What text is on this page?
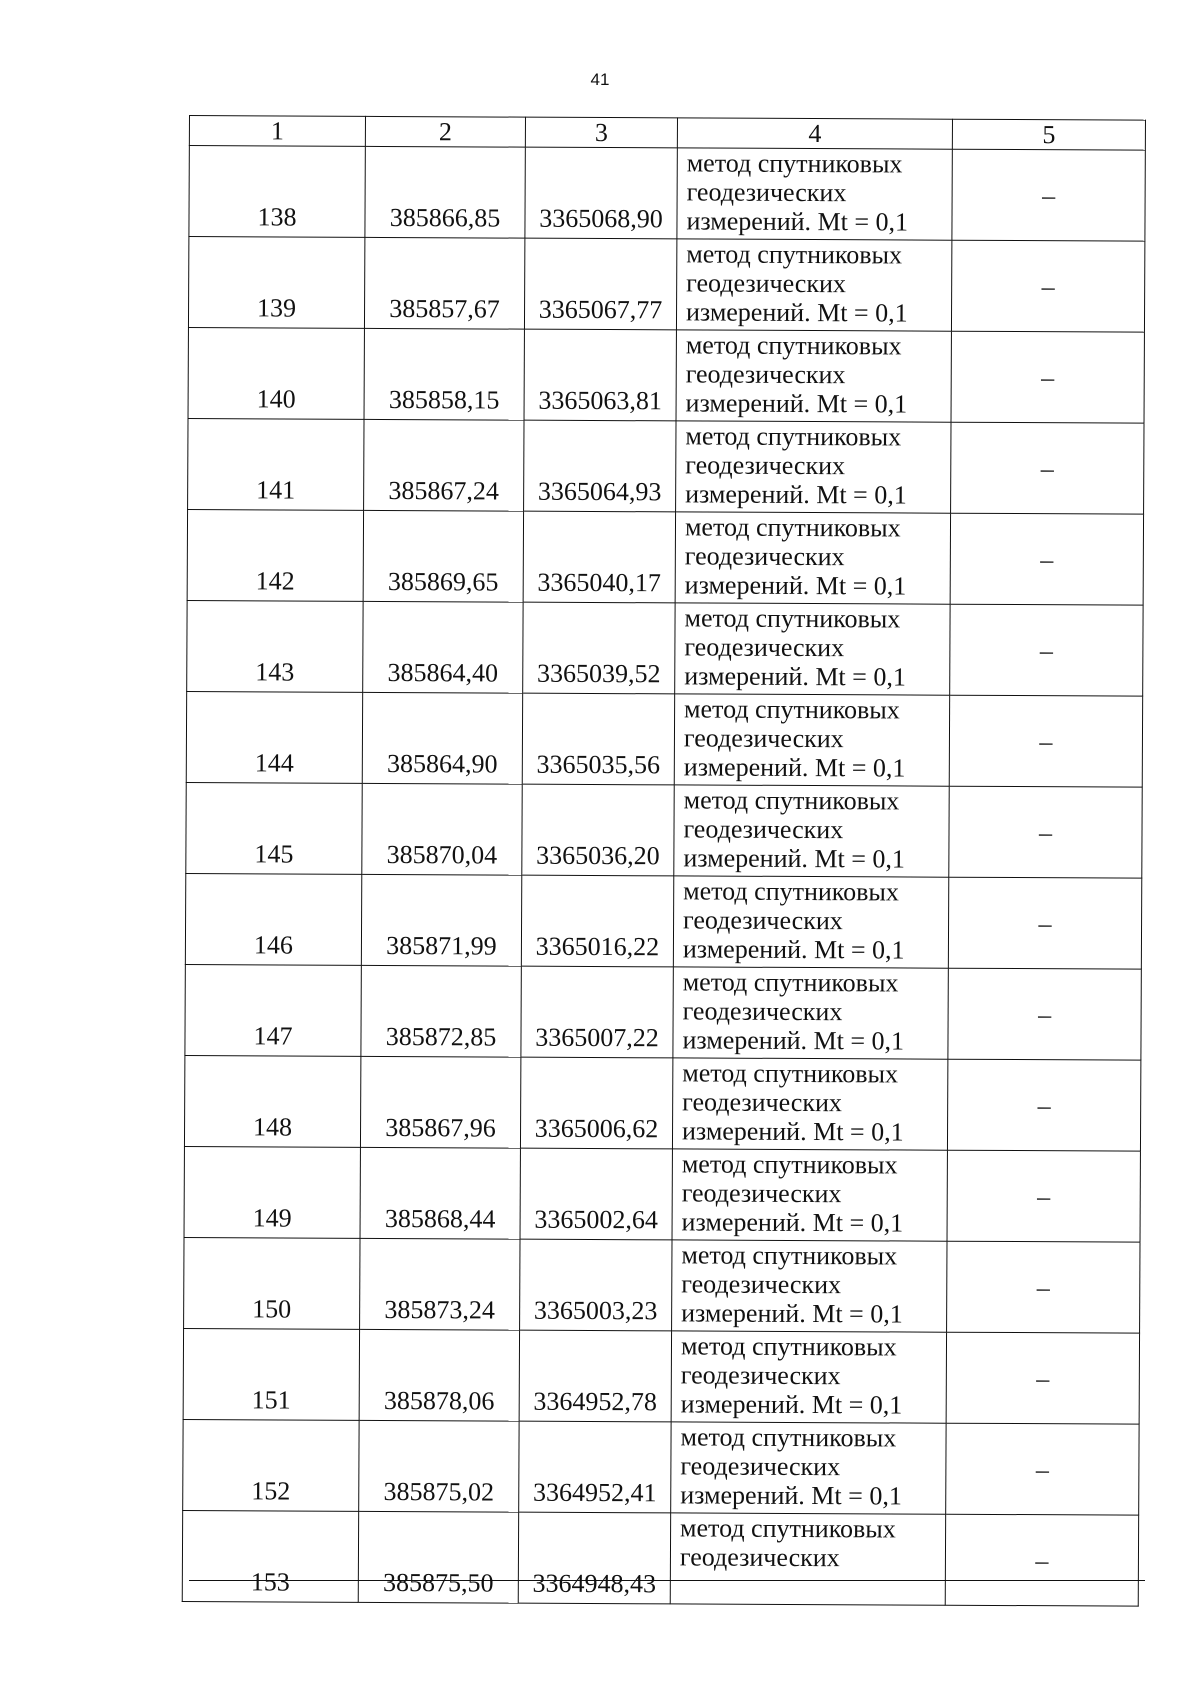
41
1	2	3	4	5
138	385866,85	3365068,90	метод спутниковых
геодезических
измерений. Mt = 0,1	–
139	385857,67	3365067,77	метод спутниковых
геодезических
измерений. Mt = 0,1	–
140	385858,15	3365063,81	метод спутниковых
геодезических
измерений. Mt = 0,1	–
141	385867,24	3365064,93	метод спутниковых
геодезических
измерений. Mt = 0,1	–
142	385869,65	3365040,17	метод спутниковых
геодезических
измерений. Mt = 0,1	–
143	385864,40	3365039,52	метод спутниковых
геодезических
измерений. Mt = 0,1	–
144	385864,90	3365035,56	метод спутниковых
геодезических
измерений. Mt = 0,1	–
145	385870,04	3365036,20	метод спутниковых
геодезических
измерений. Mt = 0,1	–
146	385871,99	3365016,22	метод спутниковых
геодезических
измерений. Mt = 0,1	–
147	385872,85	3365007,22	метод спутниковых
геодезических
измерений. Mt = 0,1	–
148	385867,96	3365006,62	метод спутниковых
геодезических
измерений. Mt = 0,1	–
149	385868,44	3365002,64	метод спутниковых
геодезических
измерений. Mt = 0,1	–
150	385873,24	3365003,23	метод спутниковых
геодезических
измерений. Mt = 0,1	–
151	385878,06	3364952,78	метод спутниковых
геодезических
измерений. Mt = 0,1	–
152	385875,02	3364952,41	метод спутниковых
геодезических
измерений. Mt = 0,1	–
153	385875,50	3364948,43	метод спутниковых
геодезических	–
